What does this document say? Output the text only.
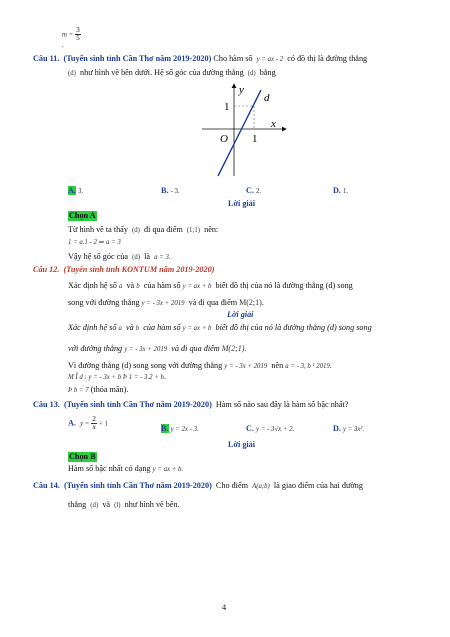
$m = \frac{3}{5}$
.
Câu 11. (Tuyển sinh tỉnh Cần Thơ năm 2019-2020) Cho hàm số y = ax - 2 có đồ thị là đường thẳng
(d) như hình vẽ bên dưới. Hệ số góc của đường thẳng (d) bằng
y
d
x
O 1
1
A. 3.	B. - 3.	C. 2.	D. 1.
Lời giải
Chọn A
Từ hình vẽ ta thấy (d) đi qua điểm (1;1) nên:
1 = a.1 - 2 ⇒ a = 3
Vậy hệ số góc của (d) là a = 3.
Câu 12. (Tuyển sinh tỉnh KONTUM năm 2019-2020)
Xác định hệ số a và b của hàm số y = ax + b biết đồ thị của nó là đường thẳng (d) song
song với đường thẳng y = - 3x + 2019 và đi qua điểm M(2;1).
Lời giải
Xác định hệ số a và b của hàm số y = ax + b biết đồ thị của nó là đường thẳng (d) song song
với đường thẳng y = - 3x + 2019 và đi qua điểm M(2;1).
Vì đường thẳng (d) song song với đường thẳng y = - 3x + 2019 nên a = - 3, b ¹ 2019.
M Î d : y = - 3x + b Þ 1 = - 3.2 + b.
Þ b = 7 (thỏa mãn).
Câu 13. (Tuyển sinh tỉnh Cần Thơ năm 2019-2020) Hàm số nào sau đây là hàm số bậc nhất?
A. $y = \frac{2}{x} + 1$
B. y = 2x - 3.	C. y = - 3√x + 2.	D. y = 3x².
Lời giải
Chọn B
Hàm số bậc nhất có dạng y = ax + b.
Câu 14. (Tuyển sinh tỉnh Cần Thơ năm 2019-2020) Cho điểm A(a;b) là giao điểm của hai đường
thẳng (d) và (l) như hình vẽ bên.
4
